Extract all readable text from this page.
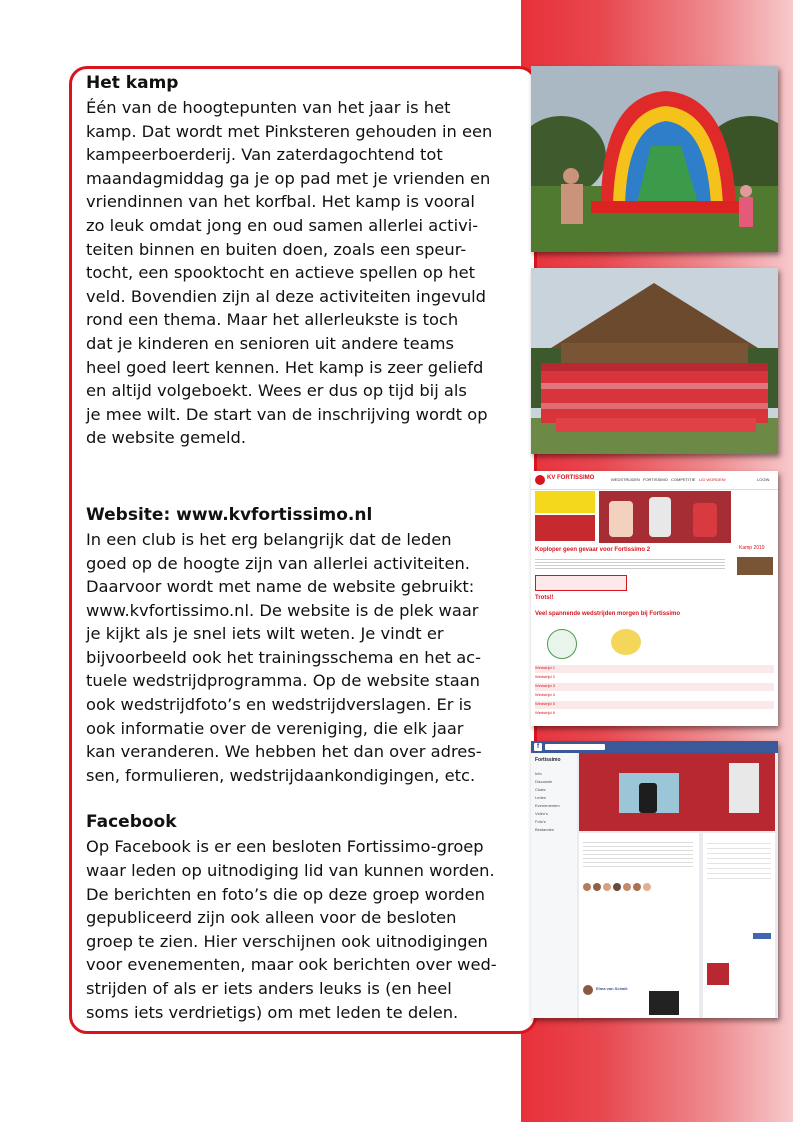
Het kamp
Één van de hoogtepunten van het jaar is het
kamp. Dat wordt met Pinksteren gehouden in een
kampeerboerderij. Van zaterdagochtend tot
maandagmiddag ga je op pad met je vrienden en
vriendinnen van het korfbal. Het kamp is vooral
zo leuk omdat jong en oud samen allerlei activi-
teiten binnen en buiten doen, zoals een speur-
tocht, een spooktocht en actieve spellen op het
veld. Bovendien zijn al deze activiteiten ingevuld
rond een thema. Maar het allerleukste is toch
dat je kinderen en senioren uit andere teams
heel goed leert kennen. Het kamp is zeer geliefd
en altijd volgeboekt. Wees er dus op tijd bij als
je mee wilt. De start van de inschrijving wordt op
de website gemeld.
Website: www.kvfortissimo.nl
In een club is het erg belangrijk dat de leden
goed op de hoogte zijn van allerlei activiteiten.
Daarvoor wordt met name de website gebruikt:
www.kvfortissimo.nl. De website is de plek waar
je kijkt als je snel iets wilt weten. Je vindt er
bijvoorbeeld ook het trainingsschema en het ac-
tuele wedstrijdprogramma. Op de website staan
ook wedstrijdfoto’s en wedstrijdverslagen. Er is
ook informatie over de vereniging, die elk jaar
kan veranderen. We hebben het dan over adres-
sen, formulieren, wedstrijdaankondigingen, etc.
Facebook
Op Facebook is er een besloten Fortissimo-groep
waar leden op uitnodiging lid van kunnen worden.
De berichten en foto’s die op deze groep worden
gepubliceerd zijn ook alleen voor de besloten
groep te zien. Hier verschijnen ook uitnodigingen
voor evenementen, maar ook berichten over wed-
strijden of als er iets anders leuks is (en heel
soms iets verdrietigs) om met leden te delen.
KV FORTISSIMO	WEDSTRIJDEN FORTISSIMO COMPETITIE LID WORDEN!	LOGIN
Kamp 2019
Koploper geen gevaar voor Fortissimo 2
Trots!!
Veel spannende wedstrijden morgen bij Fortissimo
Wedstrijd 1
Wedstrijd 2
Wedstrijd 3
Wedstrijd 4
Wedstrijd 5
Wedstrijd 6
f
Fortissimo
Info
Discussie
Chats
Leden
Evenementen
Video's
Foto's
Bestanden
Elma van Schaik
